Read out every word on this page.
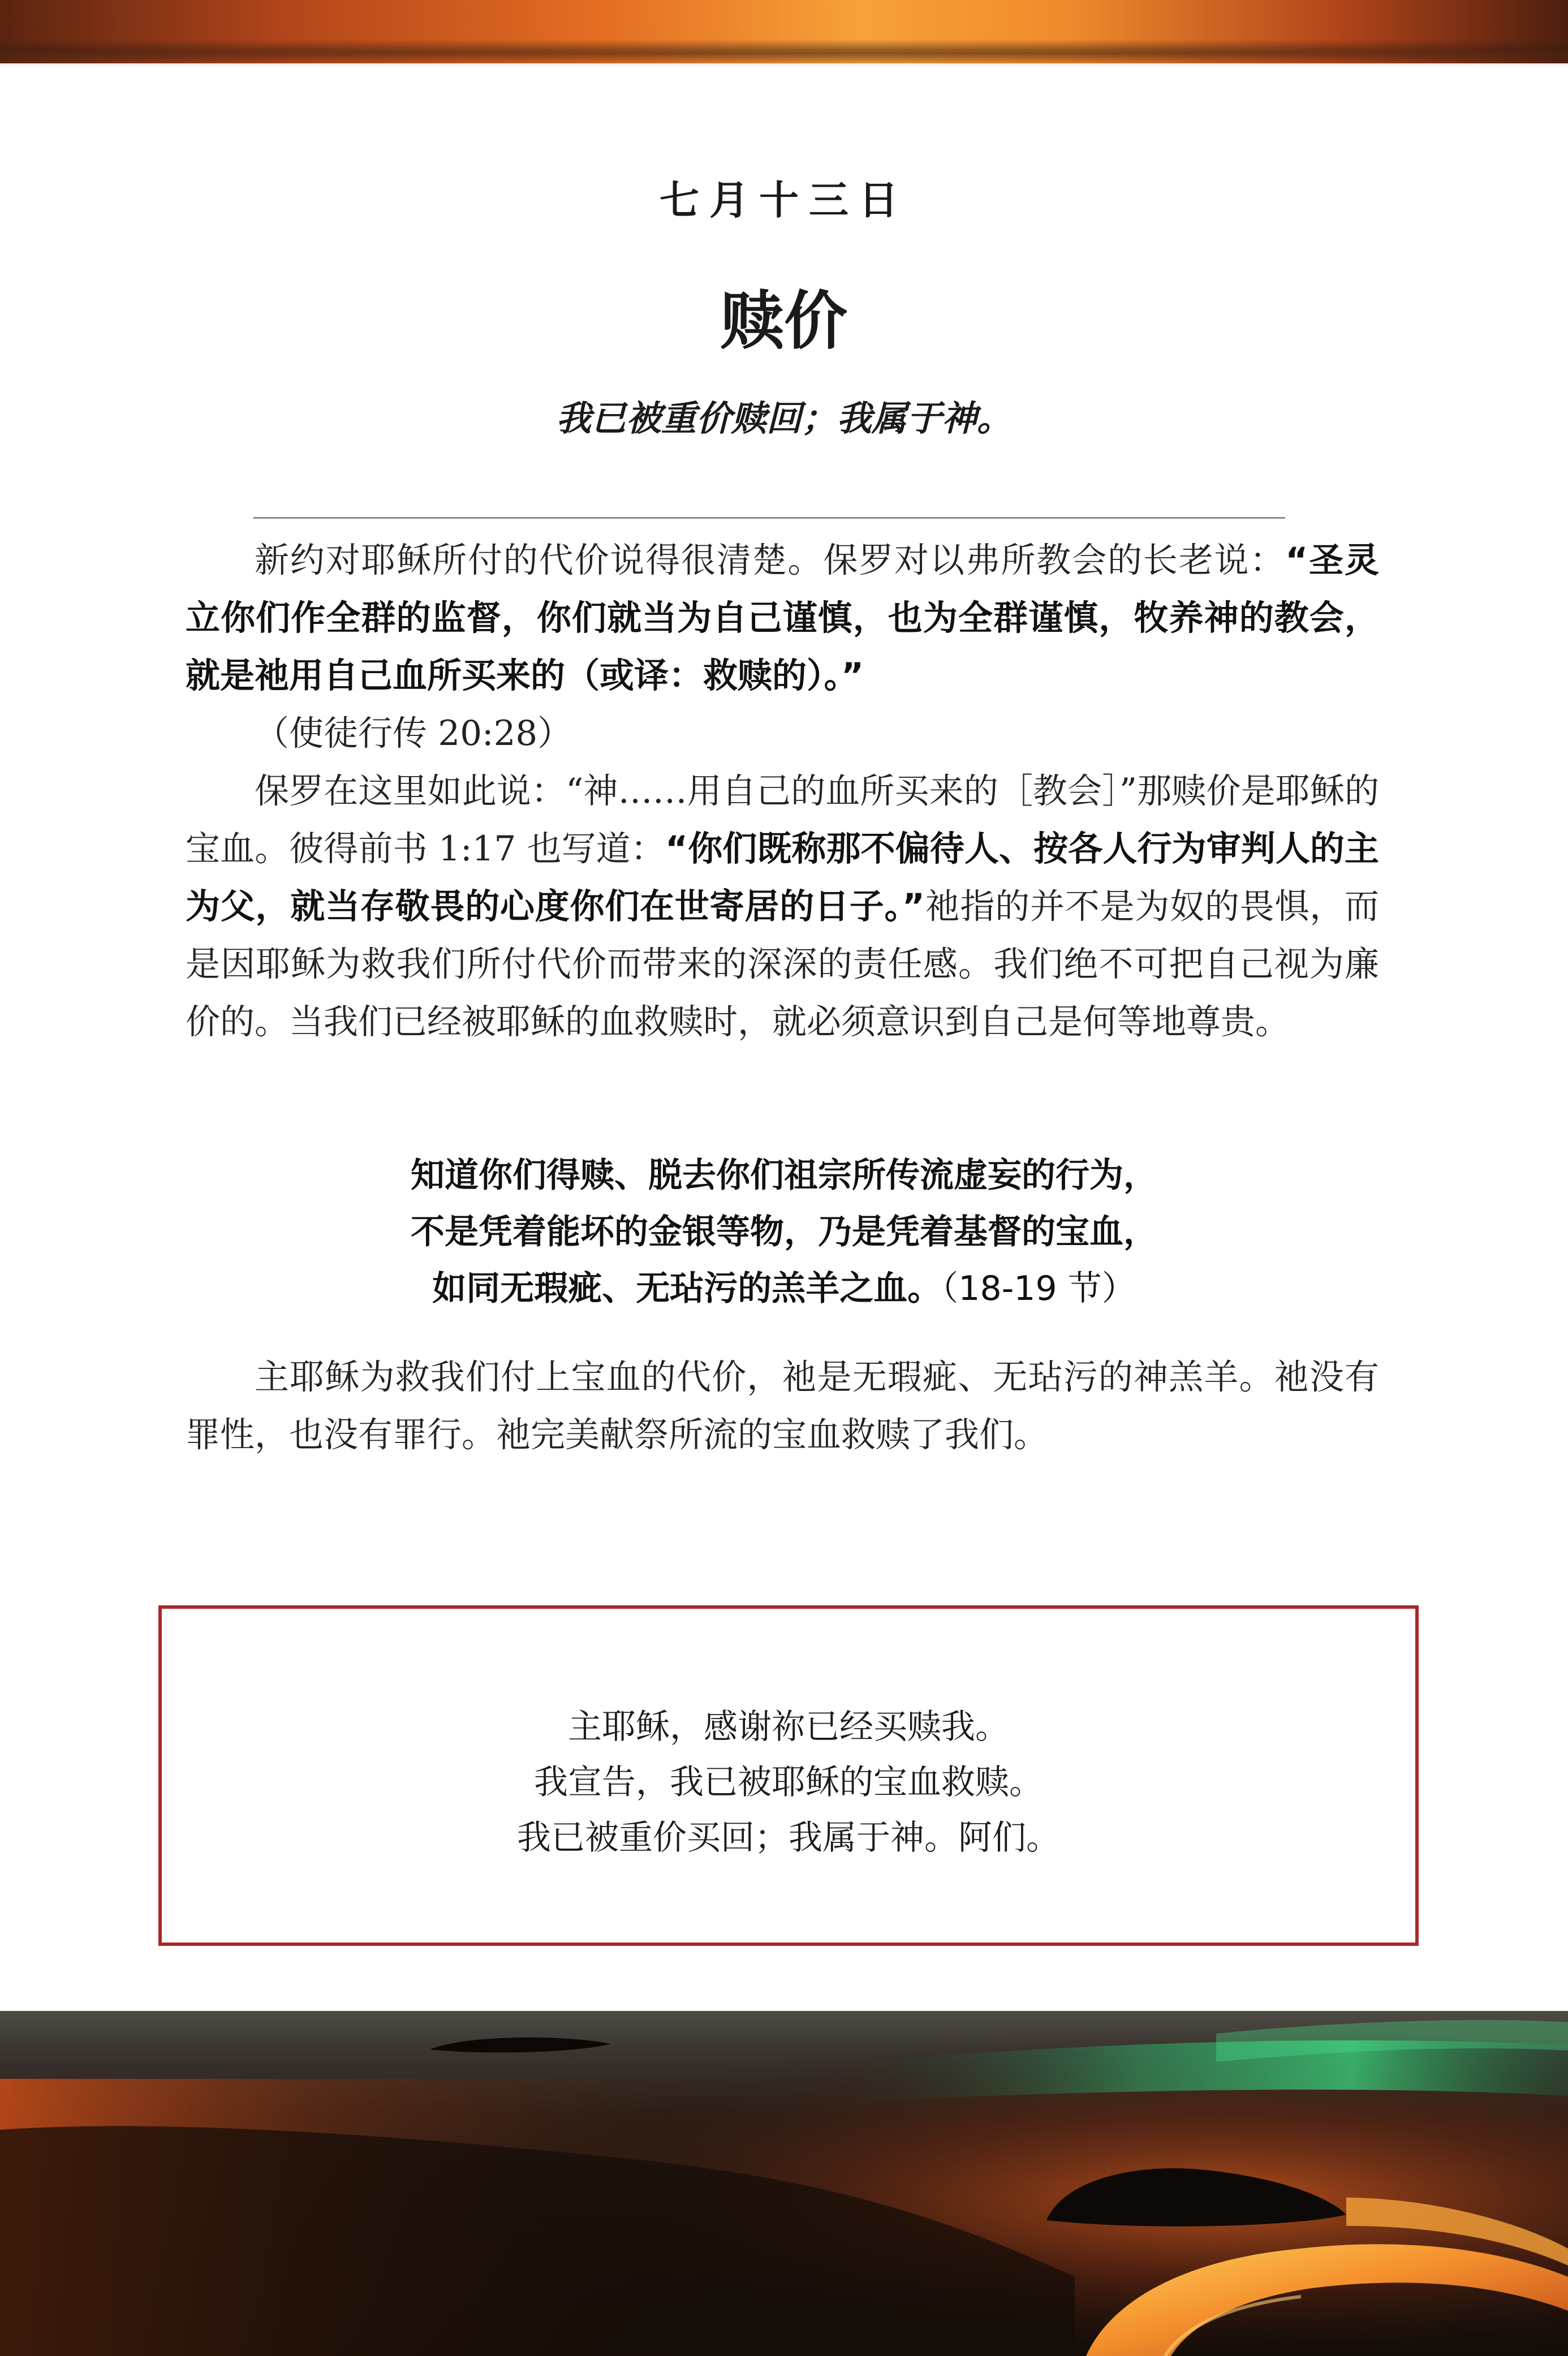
七月十三日
赎价
我已被重价赎回；我属于神。

新约对耶稣所付的代价说得很清楚。保罗对以弗所教会的长老说：“圣灵立你们作全群的监督，你们就当为自己谨慎，也为全群谨慎，牧养神的教会，就是祂用自己血所买来的（或译：救赎的）。”
（使徒行传 20:28）

保罗在这里如此说：“神……用自己的血所买来的［教会］”那赎价是耶稣的宝血。彼得前书 1:17 也写道：“你们既称那不偏待人、按各人行为审判人的主为父，就当存敬畏的心度你们在世寄居的日子。”祂指的并不是为奴的畏惧，而是因耶稣为救我们所付代价而带来的深深的责任感。我们绝不可把自己视为廉价的。当我们已经被耶稣的血救赎时，就必须意识到自己是何等地尊贵。

知道你们得赎、脱去你们祖宗所传流虚妄的行为，
不是凭着能坏的金银等物，乃是凭着基督的宝血，
如同无瑕疵、无玷污的羔羊之血。（18-19 节）

主耶稣为救我们付上宝血的代价，祂是无瑕疵、无玷污的神羔羊。祂没有罪性，也没有罪行。祂完美献祭所流的宝血救赎了我们。

主耶稣，感谢祢已经买赎我。
我宣告，我已被耶稣的宝血救赎。
我已被重价买回；我属于神。阿们。
